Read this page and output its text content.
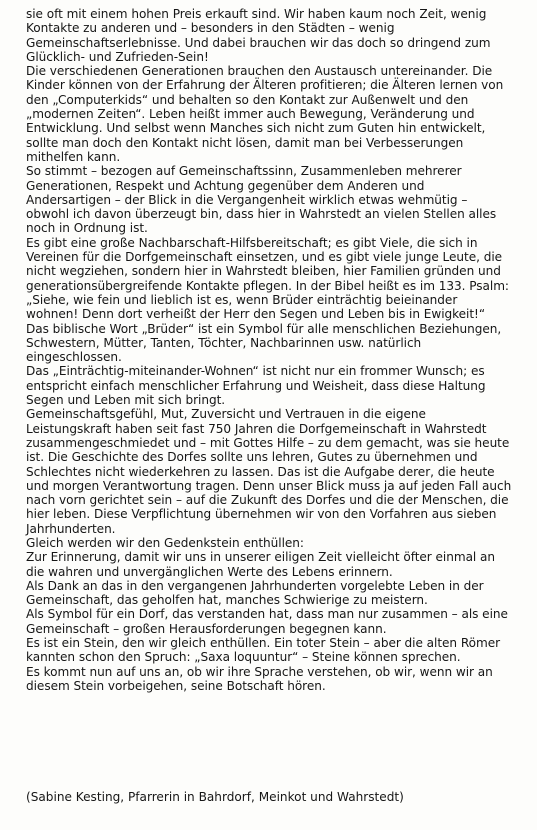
sie oft mit einem hohen Preis erkauft sind. Wir haben kaum noch Zeit, wenig Kontakte zu anderen und – besonders in den Städten – wenig Gemeinschaftserlebnisse. Und dabei brauchen wir das doch so dringend zum Glücklich- und Zufrieden-Sein!

Die verschiedenen Generationen brauchen den Austausch untereinander. Die Kinder können von der Erfahrung der Älteren profitieren; die Älteren lernen von den „Computerkids“ und behalten so den Kontakt zur Außenwelt und den „modernen Zeiten“. Leben heißt immer auch Bewegung, Veränderung und Entwicklung. Und selbst wenn Manches sich nicht zum Guten hin entwickelt, sollte man doch den Kontakt nicht lösen, damit man bei Verbesserungen mithelfen kann.

So stimmt – bezogen auf Gemeinschaftssinn, Zusammenleben mehrerer Generationen, Respekt und Achtung gegenüber dem Anderen und Andersartigen – der Blick in die Vergangenheit wirklich etwas wehmütig – obwohl ich davon überzeugt bin, dass hier in Wahrstedt an vielen Stellen alles noch in Ordnung ist.

Es gibt eine große Nachbarschaft-Hilfsbereitschaft; es gibt Viele, die sich in Vereinen für die Dorfgemeinschaft einsetzen, und es gibt viele junge Leute, die nicht wegziehen, sondern hier in Wahrstedt bleiben, hier Familien gründen und generationsübergreifende Kontakte pflegen. In der Bibel heißt es im 133. Psalm: „Siehe, wie fein und lieblich ist es, wenn Brüder einträchtig beieinander wohnen! Denn dort verheißt der Herr den Segen und Leben bis in Ewigkeit!“

Das biblische Wort „Brüder“ ist ein Symbol für alle menschlichen Beziehungen, Schwestern, Mütter, Tanten, Töchter, Nachbarinnen usw. natürlich eingeschlossen.

Das „Einträchtig-miteinander-Wohnen“ ist nicht nur ein frommer Wunsch; es entspricht einfach menschlicher Erfahrung und Weisheit, dass diese Haltung Segen und Leben mit sich bringt.

Gemeinschaftsgefühl, Mut, Zuversicht und Vertrauen in die eigene Leistungskraft haben seit fast 750 Jahren die Dorfgemeinschaft in Wahrstedt zusammengeschmiedet und – mit Gottes Hilfe – zu dem gemacht, was sie heute ist. Die Geschichte des Dorfes sollte uns lehren, Gutes zu übernehmen und Schlechtes nicht wiederkehren zu lassen. Das ist die Aufgabe derer, die heute und morgen Verantwortung tragen. Denn unser Blick muss ja auf jeden Fall auch nach vorn gerichtet sein – auf die Zukunft des Dorfes und die der Menschen, die hier leben. Diese Verpflichtung übernehmen wir von den Vorfahren aus sieben Jahrhunderten.

Gleich werden wir den Gedenkstein enthüllen:

Zur Erinnerung, damit wir uns in unserer eiligen Zeit vielleicht öfter einmal an die wahren und unvergänglichen Werte des Lebens erinnern.

Als Dank an das in den vergangenen Jahrhunderten vorgelebte Leben in der Gemeinschaft, das geholfen hat, manches Schwierige zu meistern.

Als Symbol für ein Dorf, das verstanden hat, dass man nur zusammen – als eine Gemeinschaft – großen Herausforderungen begegnen kann.

Es ist ein Stein, den wir gleich enthüllen. Ein toter Stein – aber die alten Römer kannten schon den Spruch: „Saxa loquuntur“ – Steine können sprechen.

Es kommt nun auf uns an, ob wir ihre Sprache verstehen, ob wir, wenn wir an diesem Stein vorbeigehen, seine Botschaft hören.

(Sabine Kesting, Pfarrerin in Bahrdorf, Meinkot und Wahrstedt)
